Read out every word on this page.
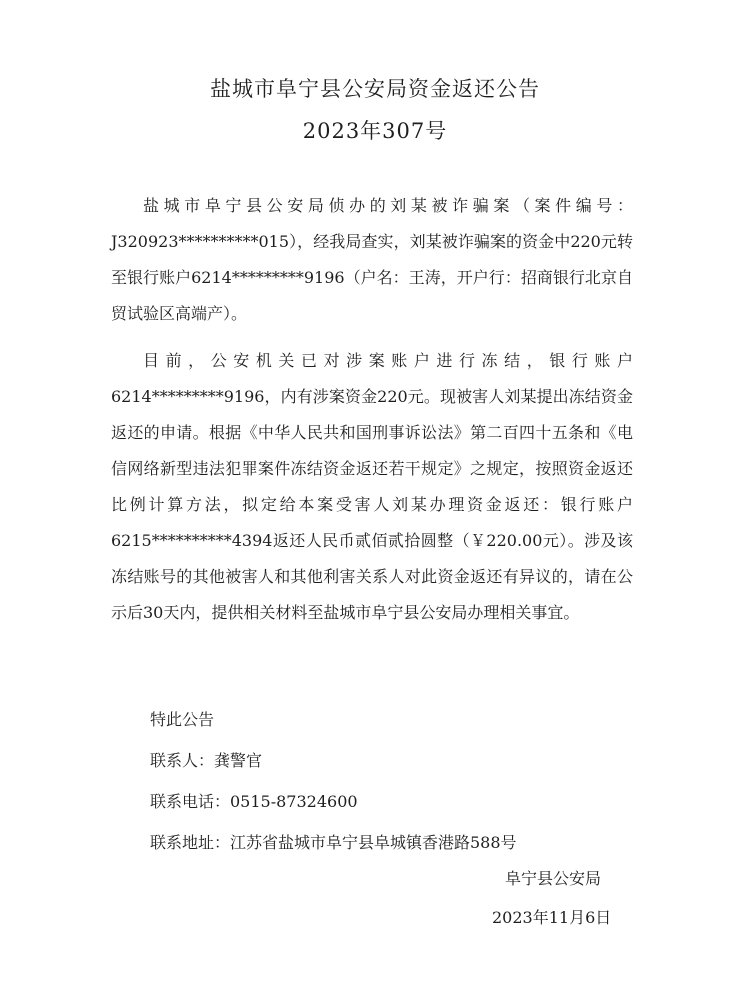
盐城市阜宁县公安局资金返还公告
2023年307号

盐城市阜宁县公安局侦办的刘某被诈骗案（案件编号：J320923**********015），经我局查实，刘某被诈骗案的资金中220元转至银行账户6214*********9196（户名：王涛，开户行：招商银行北京自贸试验区高端产）。

目前，公安机关已对涉案账户进行冻结，银行账户6214*********9196，内有涉案资金220元。现被害人刘某提出冻结资金返还的申请。根据《中华人民共和国刑事诉讼法》第二百四十五条和《电信网络新型违法犯罪案件冻结资金返还若干规定》之规定，按照资金返还比例计算方法，拟定给本案受害人刘某办理资金返还：银行账户6215**********4394返还人民币贰佰贰拾圆整（￥220.00元）。涉及该冻结账号的其他被害人和其他利害关系人对此资金返还有异议的，请在公示后30天内，提供相关材料至盐城市阜宁县公安局办理相关事宜。

特此公告

联系人：龚警官

联系电话：0515-87324600

联系地址：江苏省盐城市阜宁县阜城镇香港路588号

阜宁县公安局

2023年11月6日
